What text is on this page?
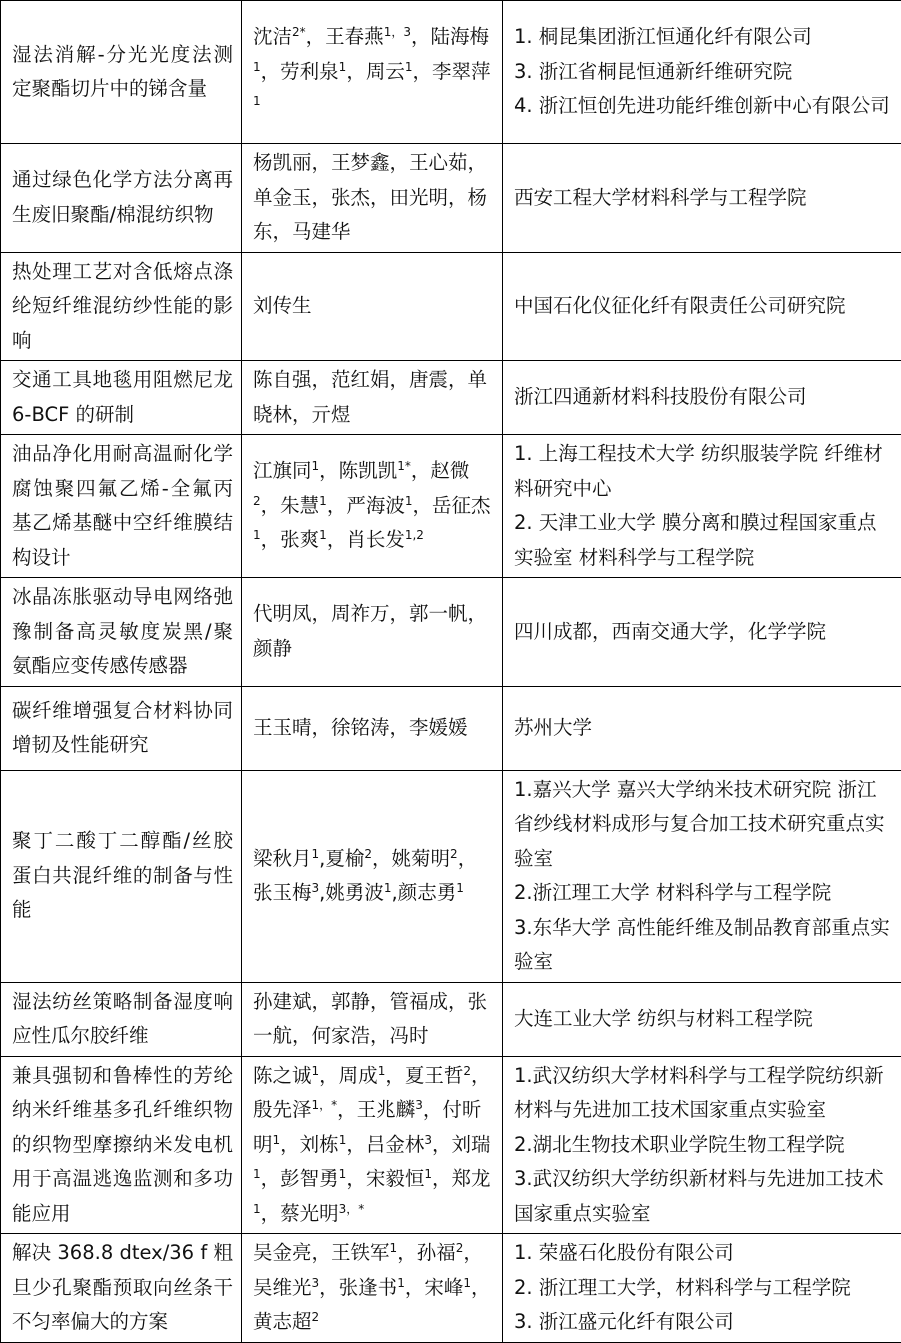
湿法消解-分光光度法测定聚酯切片中的锑含量	沈洁$^{2*}$，王春燕$^{1,3}$，陆海梅$^1$，劳利泉$^1$，周云$^1$，李翠萍$^1$	1. 桐昆集团浙江恒通化纤有限公司
3. 浙江省桐昆恒通新纤维研究院
4. 浙江恒创先进功能纤维创新中心有限公司

通过绿色化学方法分离再生废旧聚酯/棉混纺织物	杨凯丽，王梦鑫，王心茹，单金玉，张杰，田光明，杨东，马建华	西安工程大学材料科学与工程学院

热处理工艺对含低熔点涤纶短纤维混纺纱性能的影响	刘传生	中国石化仪征化纤有限责任公司研究院

交通工具地毯用阻燃尼龙 6-BCF 的研制	陈自强，范红娟，唐震，单晓林，亓煜	浙江四通新材料科技股份有限公司

油品净化用耐高温耐化学腐蚀聚四氟乙烯-全氟丙基乙烯基醚中空纤维膜结构设计	江旗同$^1$，陈凯凯$^{1*}$，赵微$^2$，朱慧$^1$，严海波$^1$，岳征杰$^1$，张爽$^1$，肖长发$^{1,2}$	1. 上海工程技术大学 纺织服装学院 纤维材料研究中心
2. 天津工业大学 膜分离和膜过程国家重点实验室 材料科学与工程学院

冰晶冻胀驱动导电网络弛豫制备高灵敏度炭黑/聚氨酯应变传感传感器	代明凤，周祚万，郭一帆，颜静	四川成都，西南交通大学，化学学院

碳纤维增强复合材料协同增韧及性能研究	王玉晴，徐铭涛，李媛媛	苏州大学

聚丁二酸丁二醇酯/丝胶蛋白共混纤维的制备与性能	梁秋月$^1$,夏榆$^2$，姚菊明$^2$，张玉梅$^3$,姚勇波$^1$,颜志勇$^1$	1.嘉兴大学 嘉兴大学纳米技术研究院 浙江省纱线材料成形与复合加工技术研究重点实验室
2.浙江理工大学 材料科学与工程学院
3.东华大学 高性能纤维及制品教育部重点实验室

湿法纺丝策略制备湿度响应性瓜尔胶纤维	孙建斌，郭静，管福成，张一航，何家浩，冯时	大连工业大学 纺织与材料工程学院

兼具强韧和鲁棒性的芳纶纳米纤维基多孔纤维织物的织物型摩擦纳米发电机用于高温逃逸监测和多功能应用	陈之诚$^1$，周成$^1$，夏王哲$^2$，殷先泽$^{1,*}$，王兆麟$^3$，付昕明$^1$，刘栋$^1$，吕金林$^3$，刘瑞$^1$，彭智勇$^1$，宋毅恒$^1$，郑龙$^1$，蔡光明$^{3,*}$	1.武汉纺织大学材料科学与工程学院纺织新材料与先进加工技术国家重点实验室
2.湖北生物技术职业学院生物工程学院
3.武汉纺织大学纺织新材料与先进加工技术国家重点实验室

解决 368.8 dtex/36 f 粗旦少孔聚酯预取向丝条干不匀率偏大的方案	吴金亮，王铁军$^1$，孙福$^2$，吴维光$^3$，张逢书$^1$，宋峰$^1$，黄志超$^2$	1. 荣盛石化股份有限公司
2. 浙江理工大学，材料科学与工程学院
3. 浙江盛元化纤有限公司
